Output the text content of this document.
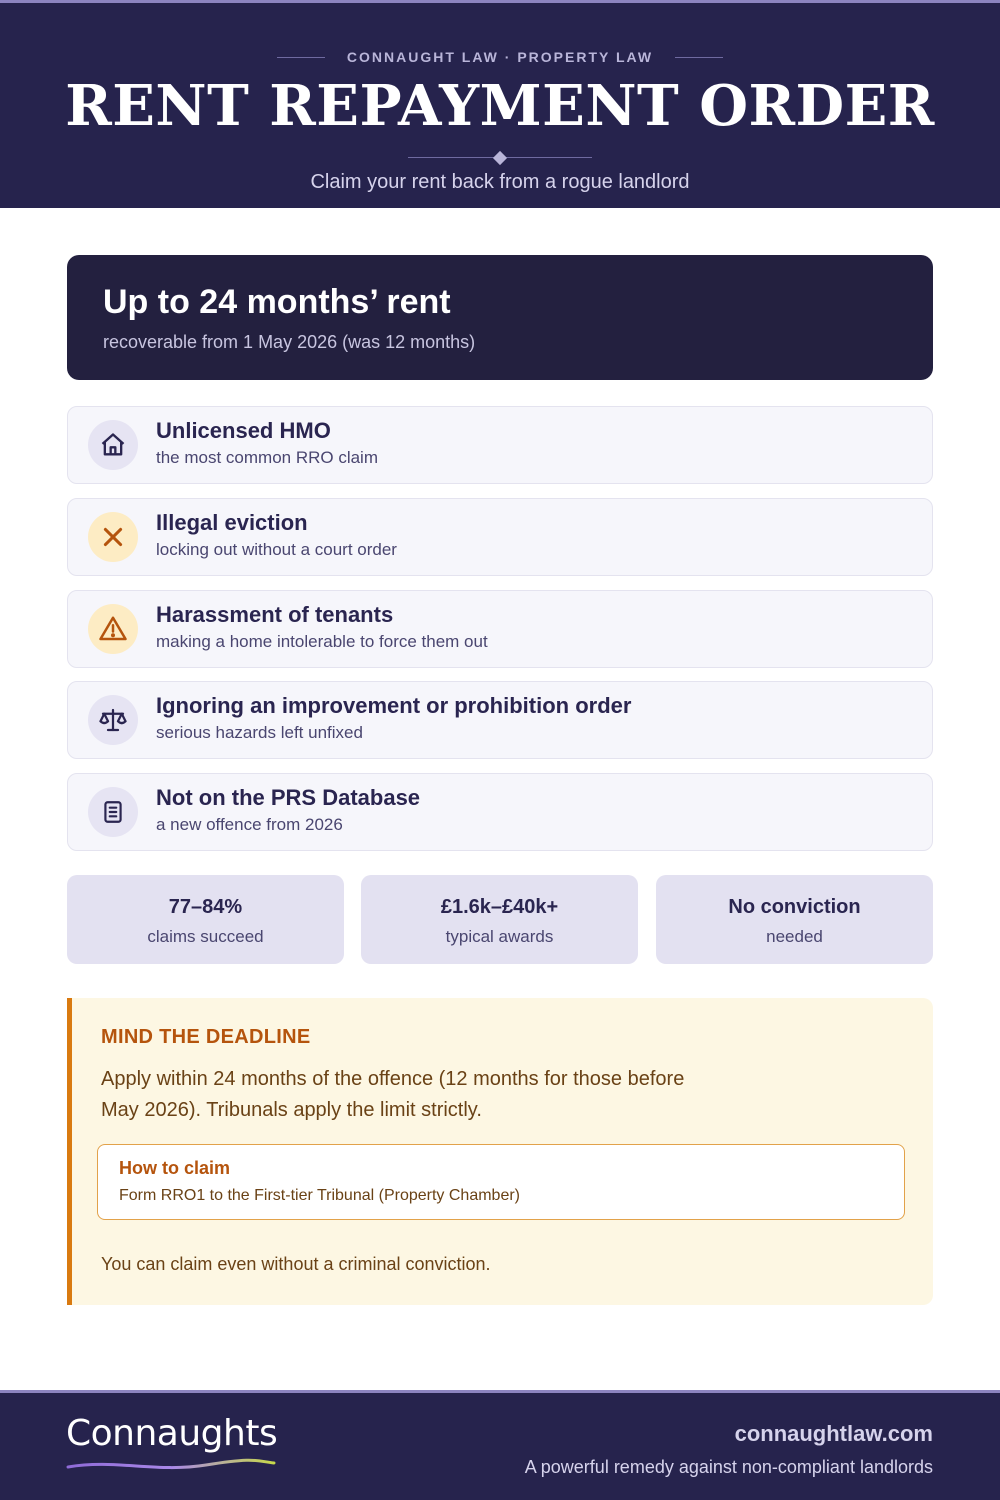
CONNAUGHT LAW · PROPERTY LAW
RENT REPAYMENT ORDER
Claim your rent back from a rogue landlord
Up to 24 months’ rent
recoverable from 1 May 2026 (was 12 months)
Unlicensed HMO
the most common RRO claim
Illegal eviction
locking out without a court order
Harassment of tenants
making a home intolerable to force them out
Ignoring an improvement or prohibition order
serious hazards left unfixed
Not on the PRS Database
a new offence from 2026
77–84%
claims succeed
£1.6k–£40k+
typical awards
No conviction
needed
MIND THE DEADLINE
Apply within 24 months of the offence (12 months for those before May 2026). Tribunals apply the limit strictly.
How to claim
Form RRO1 to the First-tier Tribunal (Property Chamber)
You can claim even without a criminal conviction.
Connaughts	connaughtlaw.com
A powerful remedy against non-compliant landlords
